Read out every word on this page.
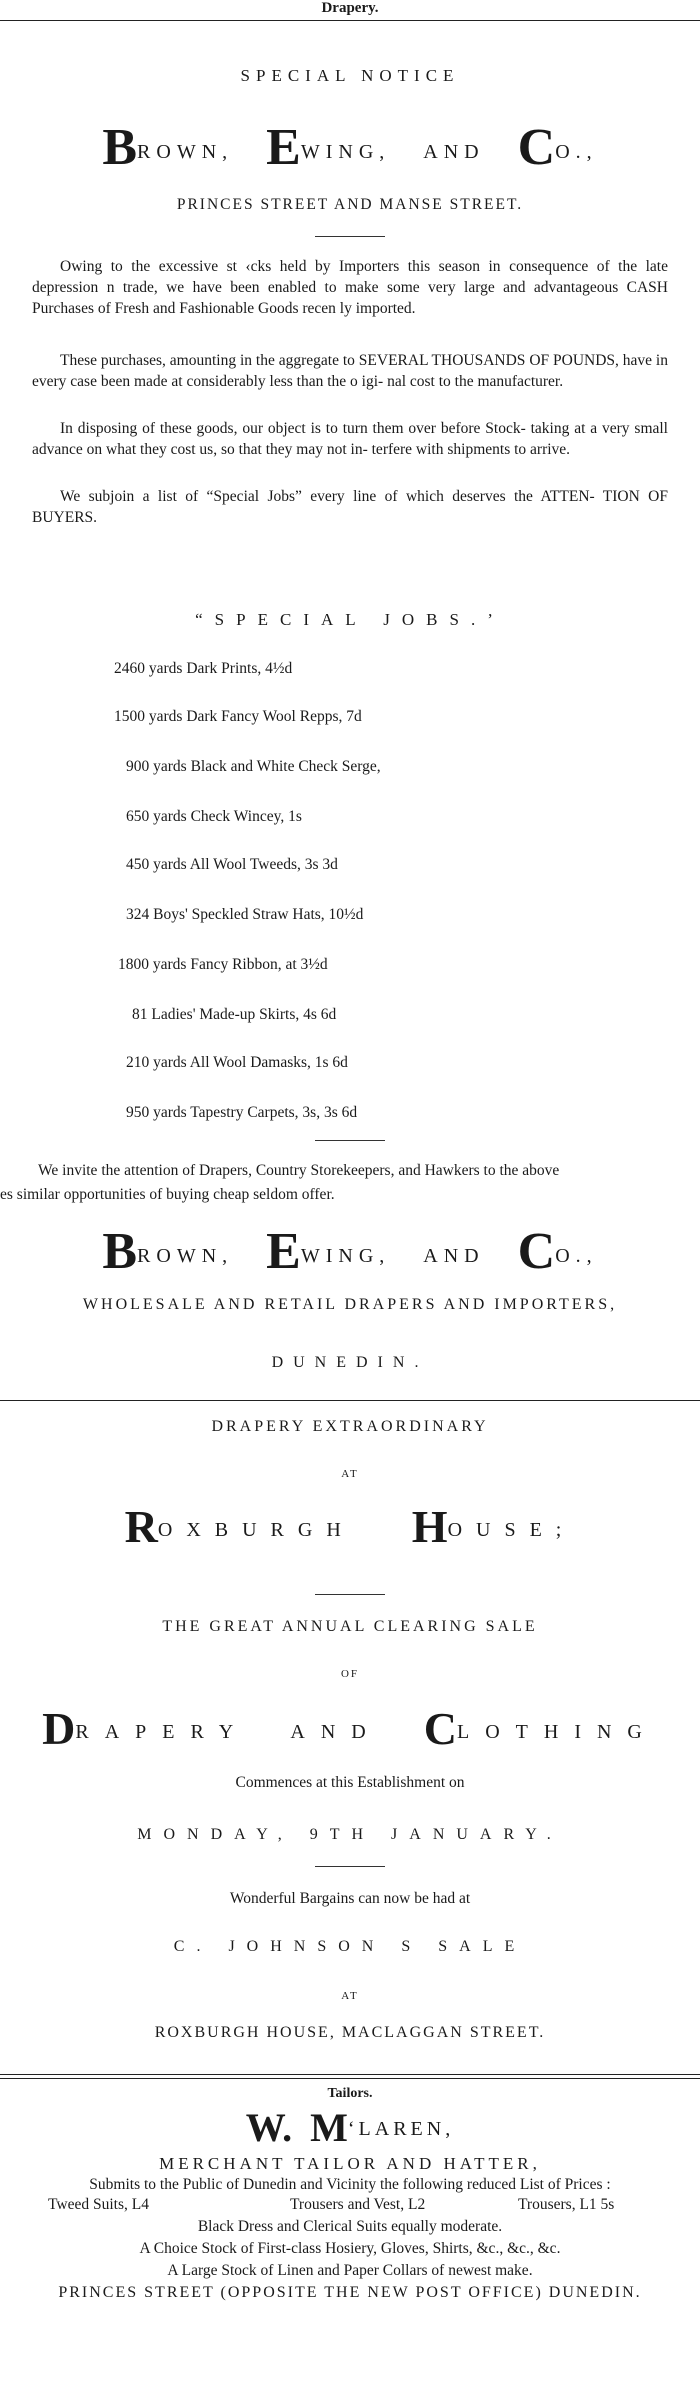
Drapery.
SPECIAL NOTICE
BROWN, EWING, AND CO.,
PRINCES STREET AND MANSE STREET.

Owing to the excessive st ‹cks held by Importers this season in consequence of the late depression n trade, we have been enabled to make some very large and advantageous CASH Purchases of Fresh and Fashionable Goods recen ly imported.

These purchases, amounting in the aggregate to SEVERAL THOUSANDS OF POUNDS, have in every case been made at considerably less than the o igi- nal cost to the manufacturer.

In disposing of these goods, our object is to turn them over before Stock- taking at a very small advance on what they cost us, so that they may not in- terfere with shipments to arrive.

We subjoin a list of “Special Jobs” every line of which deserves the ATTEN- TION OF BUYERS.

“SPECIAL JOBS.’
2460 yards Dark Prints, 4½d
1500 yards Dark Fancy Wool Repps, 7d
900 yards Black and White Check Serge,
650 yards Check Wincey, 1s
450 yards All Wool Tweeds, 3s 3d
324 Boys' Speckled Straw Hats, 10½d
1800 yards Fancy Ribbon, at 3½d
81 Ladies' Made-up Skirts, 4s 6d
210 yards All Wool Damasks, 1s 6d
950 yards Tapestry Carpets, 3s, 3s 6d
We invite the attention of Drapers, Country Storekeepers, and Hawkers to the above
es similar opportunities of buying cheap seldom offer.
BROWN, EWING, AND CO.,
WHOLESALE AND RETAIL DRAPERS AND IMPORTERS,
DUNEDIN.
DRAPERY EXTRAORDINARY
AT
ROXBURGH HOUSE;
THE GREAT ANNUAL CLEARING SALE
OF
DRAPERY AND CLOTHING
Commences at this Establishment on
MONDAY, 9TH JANUARY.
Wonderful Bargains can now be had at
C. JOHNSON S SALE
AT
ROXBURGH HOUSE, MACLAGGAN STREET.
Tailors.
W. M‘LAREN,
MERCHANT TAILOR AND HATTER,
Submits to the Public of Dunedin and Vicinity the following reduced List of Prices :
Tweed Suits, L4	Trousers and Vest, L2	Trousers, L1 5s
Black Dress and Clerical Suits equally moderate.
A Choice Stock of First-class Hosiery, Gloves, Shirts, &c., &c., &c.
A Large Stock of Linen and Paper Collars of newest make.
PRINCES STREET (OPPOSITE THE NEW POST OFFICE) DUNEDIN.
